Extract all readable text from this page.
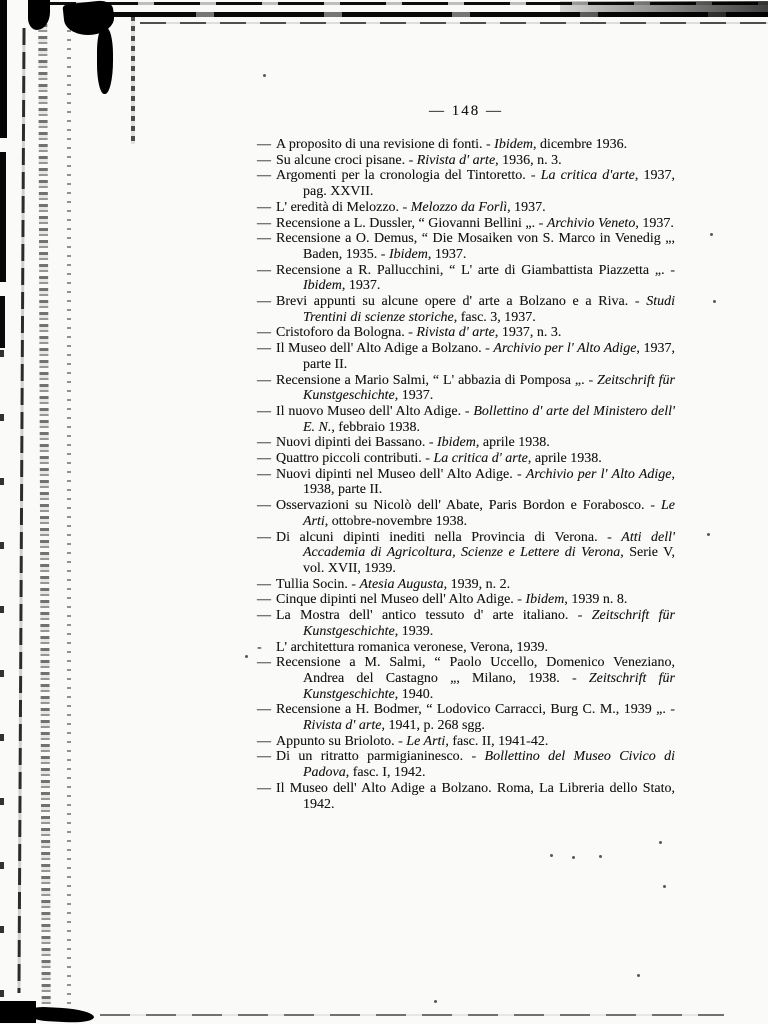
— 148 —
— A proposito di una revisione di fonti. - Ibidem, dicembre 1936.
— Su alcune croci pisane. - Rivista d' arte, 1936, n. 3.
— Argomenti per la cronologia del Tintoretto. - La critica d'arte, 1937, pag. XXVII.
— L' eredità di Melozzo. - Melozzo da Forlì, 1937.
— Recensione a L. Dussler, “ Giovanni Bellini „. - Archivio Veneto, 1937.
— Recensione a O. Demus, “ Die Mosaiken von S. Marco in Venedig „, Baden, 1935. - Ibidem, 1937.
— Recensione a R. Pallucchini, “ L' arte di Giambattista Piazzetta „. - Ibidem, 1937.
— Brevi appunti su alcune opere d' arte a Bolzano e a Riva. - Studi Trentini di scienze storiche, fasc. 3, 1937.
— Cristoforo da Bologna. - Rivista d' arte, 1937, n. 3.
— Il Museo dell' Alto Adige a Bolzano. - Archivio per l' Alto Adige, 1937, parte II.
— Recensione a Mario Salmi, “ L' abbazia di Pomposa „. - Zeitschrift für Kunstgeschichte, 1937.
— Il nuovo Museo dell' Alto Adige. - Bollettino d' arte del Ministero dell' E. N., febbraio 1938.
— Nuovi dipinti dei Bassano. - Ibidem, aprile 1938.
— Quattro piccoli contributi. - La critica d' arte, aprile 1938.
— Nuovi dipinti nel Museo dell' Alto Adige. - Archivio per l' Alto Adige, 1938, parte II.
— Osservazioni su Nicolò dell' Abate, Paris Bordon e Forabosco. - Le Arti, ottobre-novembre 1938.
— Di alcuni dipinti inediti nella Provincia di Verona. - Atti dell' Accademia di Agricoltura, Scienze e Lettere di Verona, Serie V, vol. XVII, 1939.
— Tullia Socin. - Atesia Augusta, 1939, n. 2.
— Cinque dipinti nel Museo dell' Alto Adige. - Ibidem, 1939 n. 8.
— La Mostra dell' antico tessuto d' arte italiano. - Zeitschrift für Kunstgeschichte, 1939.
- L' architettura romanica veronese, Verona, 1939.
— Recensione a M. Salmi, “ Paolo Uccello, Domenico Veneziano, Andrea del Castagno „, Milano, 1938. - Zeitschrift für Kunstgeschichte, 1940.
— Recensione a H. Bodmer, “ Lodovico Carracci, Burg C. M., 1939 „. - Rivista d' arte, 1941, p. 268 sgg.
— Appunto su Brioloto. - Le Arti, fasc. II, 1941-42.
— Di un ritratto parmigianinesco. - Bollettino del Museo Civico di Padova, fasc. I, 1942.
— Il Museo dell' Alto Adige a Bolzano. Roma, La Libreria dello Stato, 1942.
